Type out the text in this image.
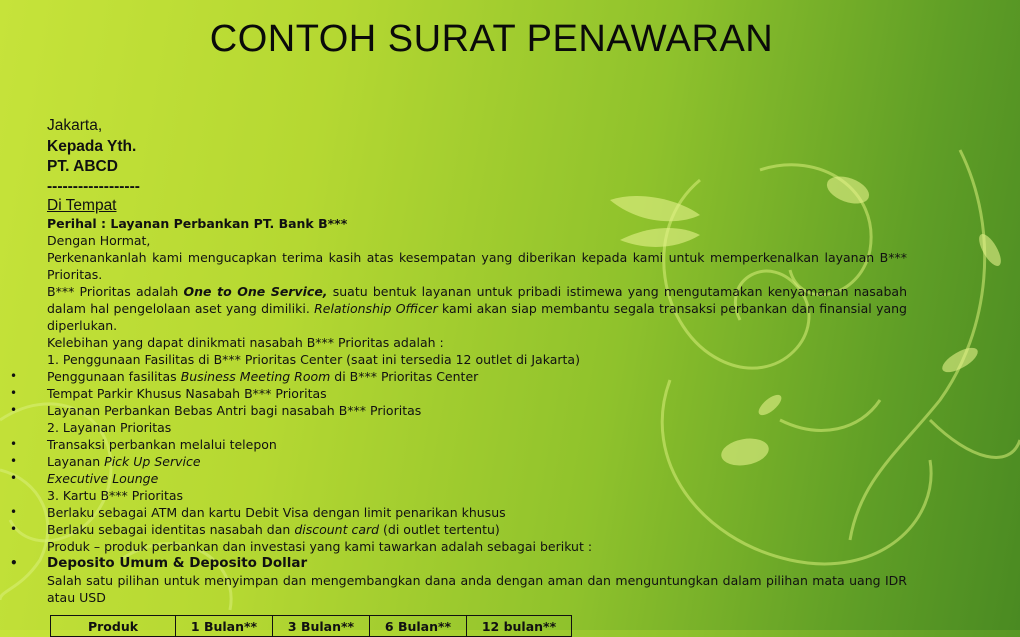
CONTOH SURAT PENAWARAN
Jakarta,
Kepada Yth.
PT. ABCD
------------------
Di Tempat
Perihal : Layanan Perbankan PT. Bank B***
Dengan Hormat,
Perkenankanlah kami mengucapkan terima kasih atas kesempatan yang diberikan kepada kami untuk memperkenalkan layanan B*** Prioritas.
B*** Prioritas adalah One to One Service, suatu bentuk layanan untuk pribadi istimewa yang mengutamakan kenyamanan nasabah dalam hal pengelolaan aset yang dimiliki. Relationship Officer kami akan siap membantu segala transaksi perbankan dan finansial yang diperlukan.
Kelebihan yang dapat dinikmati nasabah B*** Prioritas adalah :
1. Penggunaan Fasilitas di B*** Prioritas Center (saat ini tersedia 12 outlet di Jakarta)
• Penggunaan fasilitas Business Meeting Room di B*** Prioritas Center
• Tempat Parkir Khusus Nasabah B*** Prioritas
• Layanan Perbankan Bebas Antri bagi nasabah B*** Prioritas
2. Layanan Prioritas
• Transaksi perbankan melalui telepon
• Layanan Pick Up Service
• Executive Lounge
3. Kartu B*** Prioritas
• Berlaku sebagai ATM dan kartu Debit Visa dengan limit penarikan khusus
• Berlaku sebagai identitas nasabah dan discount card (di outlet tertentu)
Produk – produk perbankan dan investasi yang kami tawarkan adalah sebagai berikut :
• Deposito Umum & Deposito Dollar
Salah satu pilihan untuk menyimpan dan mengembangkan dana anda dengan aman dan menguntungkan dalam pilihan mata uang IDR atau USD
Produk	1 Bulan**	3 Bulan**	6 Bulan**	12 bulan**
